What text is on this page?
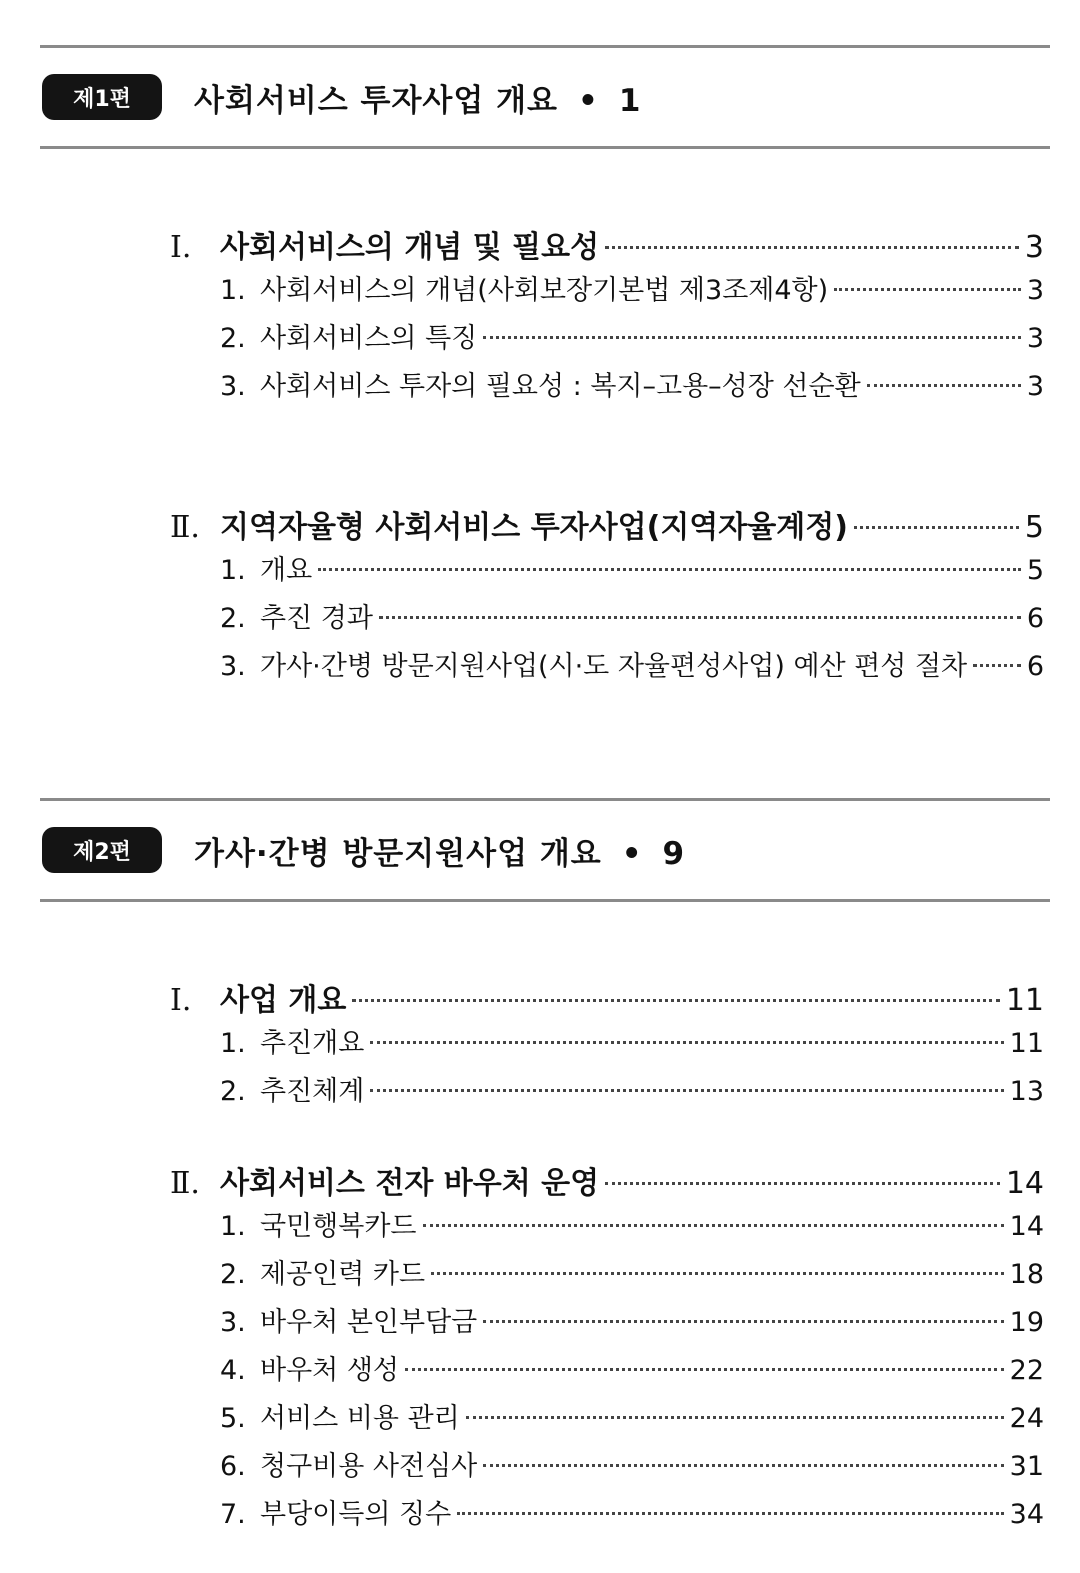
제1편	사회서비스 투자사업 개요 • 1
Ⅰ. 사회서비스의 개념 및 필요성	3
1. 사회서비스의 개념(사회보장기본법 제3조제4항)	3
2. 사회서비스의 특징	3
3. 사회서비스 투자의 필요성 : 복지–고용–성장 선순환	3
Ⅱ. 지역자율형 사회서비스 투자사업(지역자율계정)	5
1. 개요	5
2. 추진 경과	6
3. 가사·간병 방문지원사업(시·도 자율편성사업) 예산 편성 절차 6
제2편	가사·간병 방문지원사업 개요 • 9
Ⅰ. 사업 개요	11
1. 추진개요	11
2. 추진체계	13
Ⅱ. 사회서비스 전자 바우처 운영	14
1. 국민행복카드	14
2. 제공인력 카드	18
3. 바우처 본인부담금	19
4. 바우처 생성	22
5. 서비스 비용 관리	24
6. 청구비용 사전심사	31
7. 부당이득의 징수	34
